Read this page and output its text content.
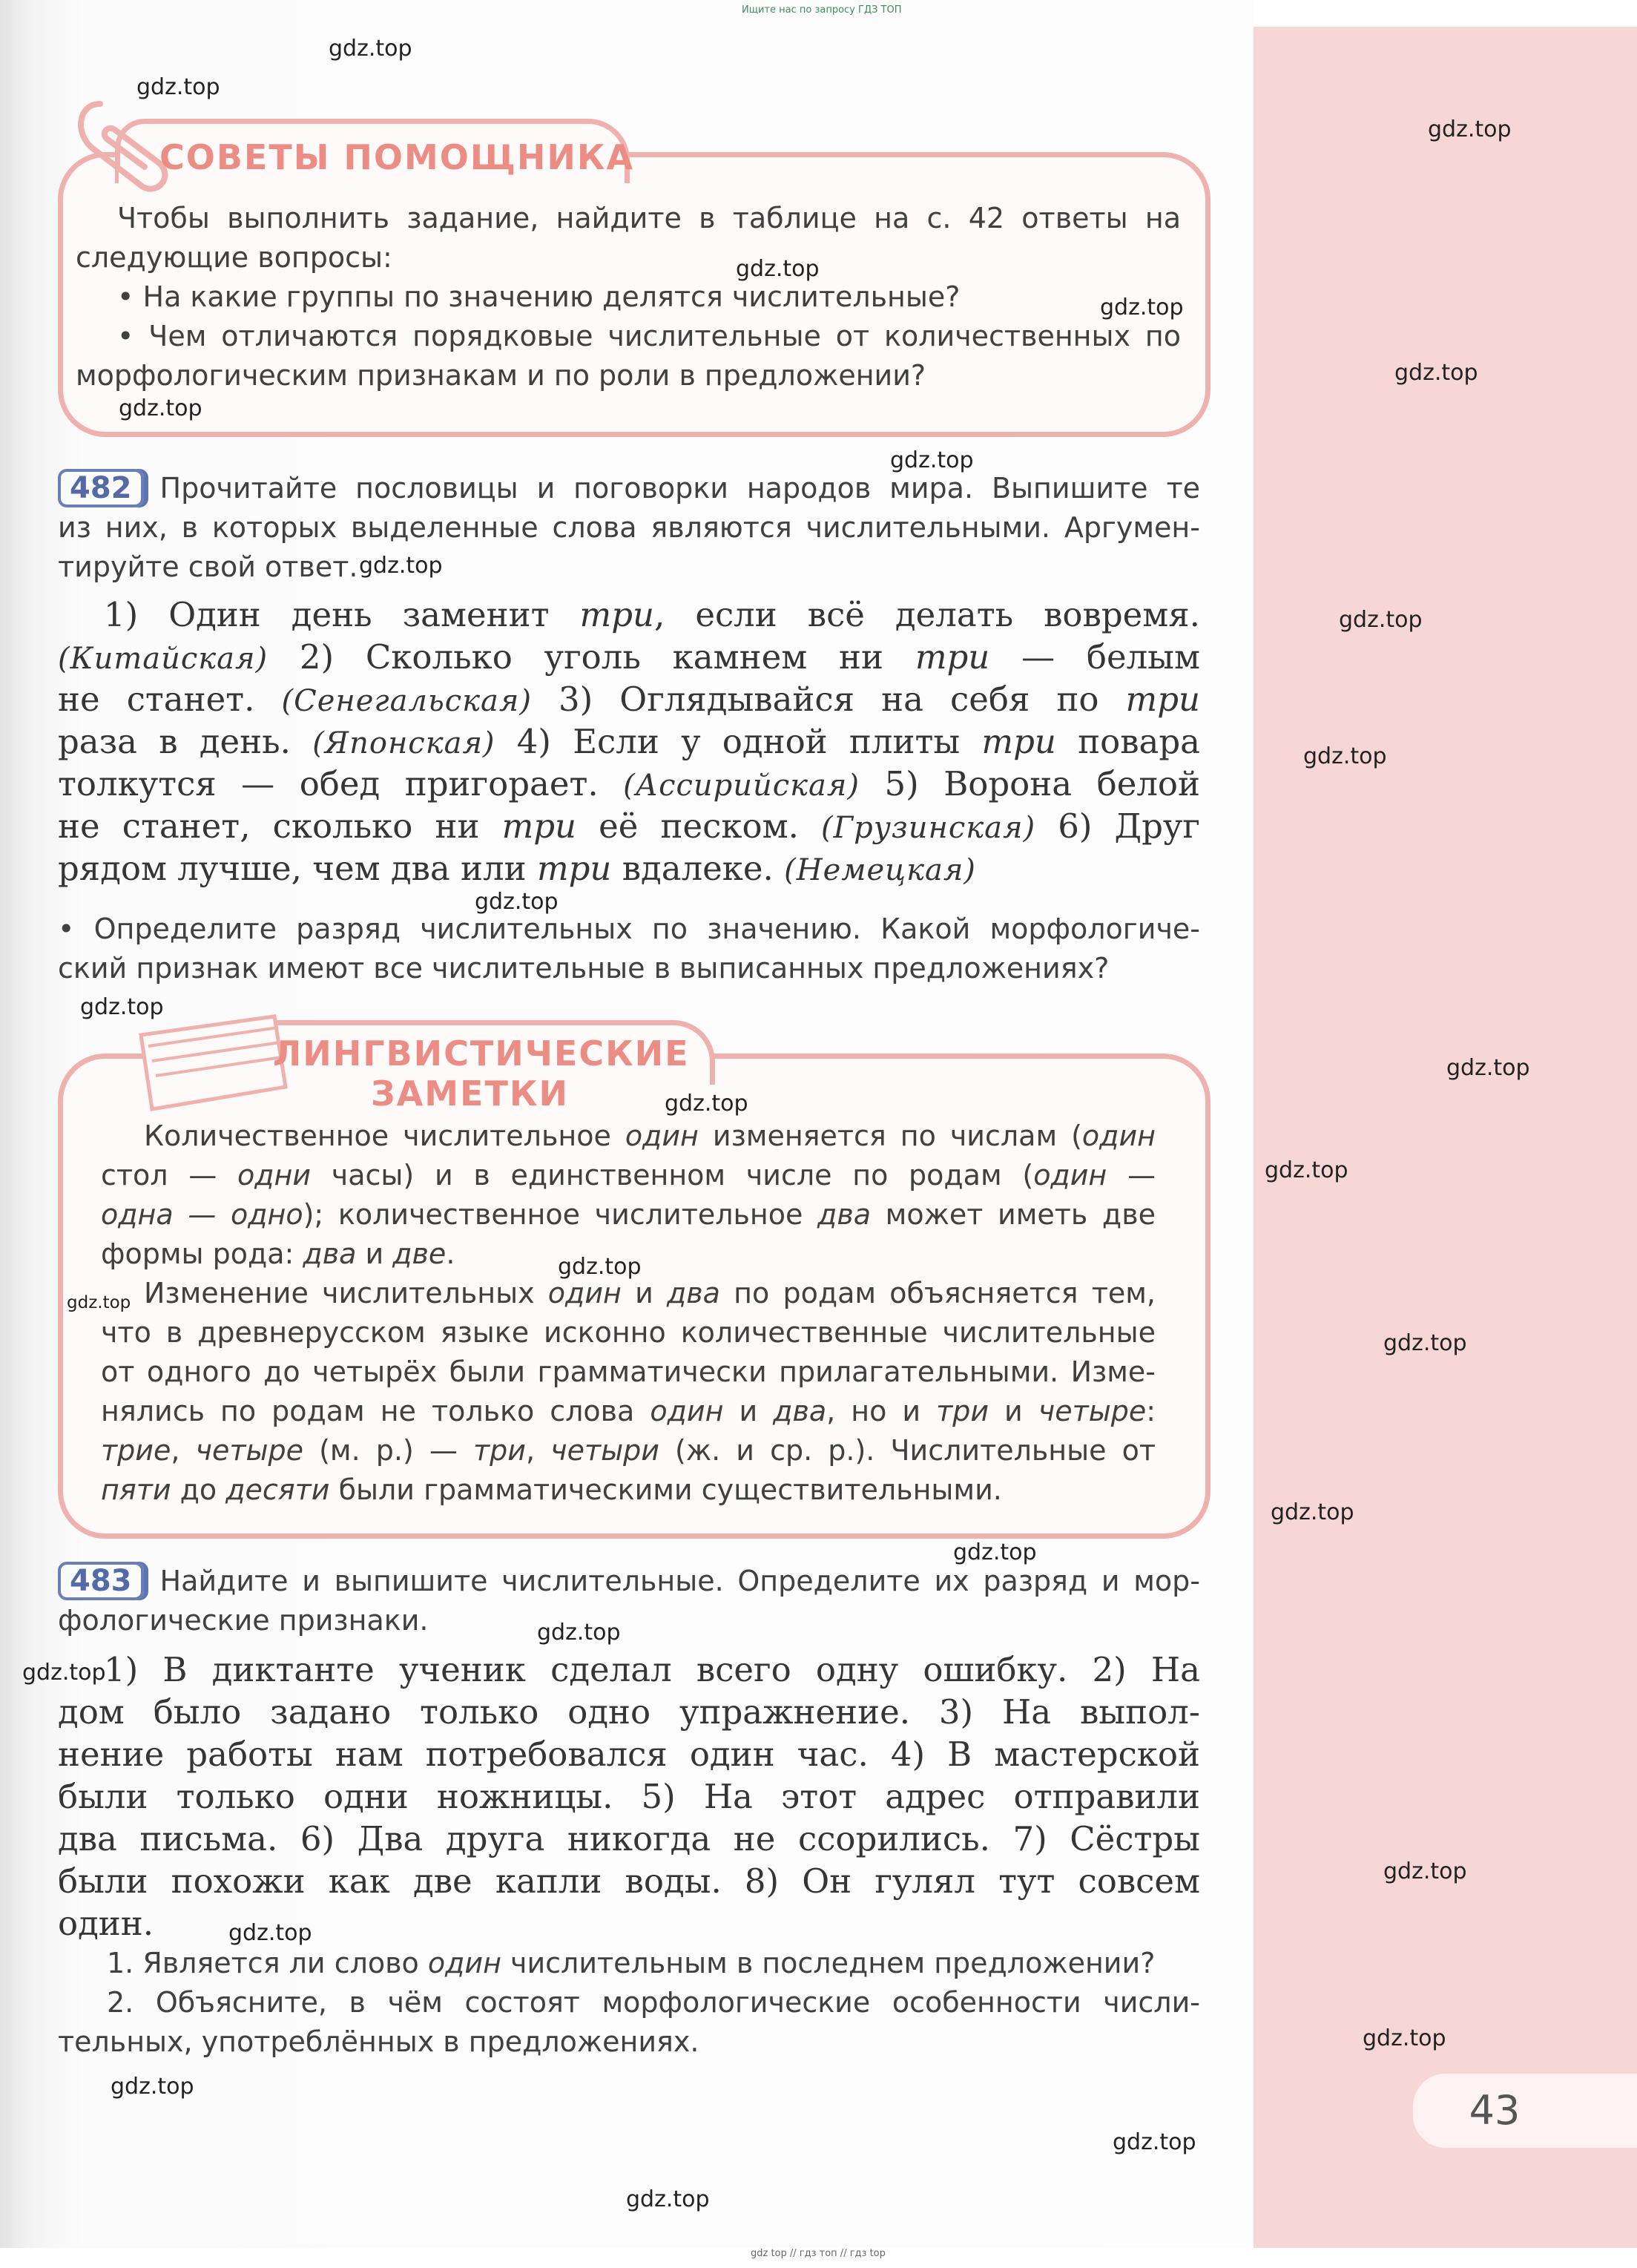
43
Ищите нас по запросу ГДЗ ТОП
gdz top // гдз топ // гдз top
СОВЕТЫ ПОМОЩНИКА
Чтобы выполнить задание, найдите в таблице на с. 42 ответы на
следующие вопросы:
• На какие группы по значению делятся числительные?
• Чем отличаются порядковые числительные от количественных по
морфологическим признакам и по роли в предложении?
482 Прочитайте пословицы и поговорки народов мира. Выпишите те
из них, в которых выделенные слова являются числительными. Аргумен-
тируйте свой ответ.
1) Один день заменит три, если всё делать вовремя.
(Китайская) 2) Сколько уголь камнем ни три — белым
не станет. (Сенегальская) 3) Оглядывайся на себя по три
раза в день. (Японская) 4) Если у одной плиты три повара
толкутся — обед пригорает. (Ассирийская) 5) Ворона белой
не станет, сколько ни три её песком. (Грузинская) 6) Друг
рядом лучше, чем два или три вдалеке. (Немецкая)
• Определите разряд числительных по значению. Какой морфологиче-
ский признак имеют все числительные в выписанных предложениях?
ЛИНГВИСТИЧЕСКИЕ
ЗАМЕТКИ
Количественное числительное один изменяется по числам (один
стол — одни часы) и в единственном числе по родам (один —
одна — одно); количественное числительное два может иметь две
формы рода: два и две.
Изменение числительных один и два по родам объясняется тем,
что в древнерусском языке исконно количественные числительные
от одного до четырёх были грамматически прилагательными. Изме-
нялись по родам не только слова один и два, но и три и четыре:
трие, четыре (м. р.) — три, четыри (ж. и ср. р.). Числительные от
пяти до десяти были грамматическими существительными.
483 Найдите и выпишите числительные. Определите их разряд и мор-
фологические признаки.
1) В диктанте ученик сделал всего одну ошибку. 2) На
дом было задано только одно упражнение. 3) На выпол-
нение работы нам потребовался один час. 4) В мастерской
были только одни ножницы. 5) На этот адрес отправили
два письма. 6) Два друга никогда не ссорились. 7) Сёстры
были похожи как две капли воды. 8) Он гулял тут совсем
один.
1. Является ли слово один числительным в последнем предложении?
2. Объясните, в чём состоят морфологические особенности числи-
тельных, употреблённых в предложениях.
gdz.top
gdz.top
gdz.top
gdz.top
gdz.top
gdz.top
gdz.top
gdz.top
gdz.top
gdz.top
gdz.top
gdz.top
gdz.top
gdz.top
gdz.top
gdz.top
gdz.top
gdz.top
gdz.top
gdz.top
gdz.top
gdz.top
gdz.top
gdz.top
gdz.top
gdz.top
gdz.top
gdz.top
gdz.top
